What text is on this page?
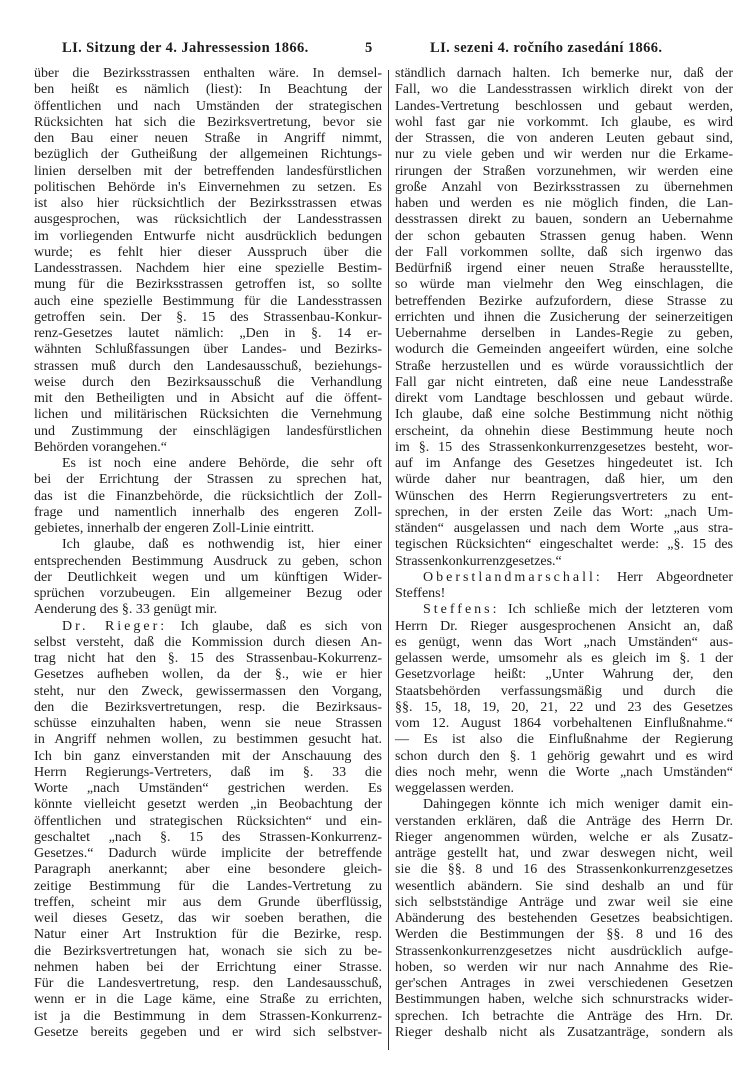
LI. Sitzung der 4. Jahressession 1866.	5	LI. sezeni 4. ročního zasedání 1866.
über die Bezirksstrassen enthalten wäre. In demsel-
ben heißt es nämlich (liest): In Beachtung der
öffentlichen und nach Umständen der strategischen
Rücksichten hat sich die Bezirksvertretung, bevor sie
den Bau einer neuen Straße in Angriff nimmt,
bezüglich der Gutheißung der allgemeinen Richtungs-
linien derselben mit der betreffenden landesfürstlichen
politischen Behörde in's Einvernehmen zu setzen. Es
ist also hier rücksichtlich der Bezirksstrassen etwas
ausgesprochen, was rücksichtlich der Landesstrassen
im vorliegenden Entwurfe nicht ausdrücklich bedungen
wurde; es fehlt hier dieser Ausspruch über die
Landesstrassen. Nachdem hier eine spezielle Bestim-
mung für die Bezirksstrassen getroffen ist, so sollte
auch eine spezielle Bestimmung für die Landesstrassen
getroffen sein. Der §. 15 des Strassenbau-Konkur-
renz-Gesetzes lautet nämlich: „Den in §. 14 er-
wähnten Schlußfassungen über Landes- und Bezirks-
strassen muß durch den Landesausschuß, beziehungs-
weise durch den Bezirksausschuß die Verhandlung
mit den Betheiligten und in Absicht auf die öffent-
lichen und militärischen Rücksichten die Vernehmung
und Zustimmung der einschlägigen landesfürstlichen
Behörden vorangehen.“
Es ist noch eine andere Behörde, die sehr oft
bei der Errichtung der Strassen zu sprechen hat,
das ist die Finanzbehörde, die rücksichtlich der Zoll-
frage und namentlich innerhalb des engeren Zoll-
gebietes, innerhalb der engeren Zoll-Linie eintritt.
Ich glaube, daß es nothwendig ist, hier einer
entsprechenden Bestimmung Ausdruck zu geben, schon
der Deutlichkeit wegen und um künftigen Wider-
sprüchen vorzubeugen. Ein allgemeiner Bezug oder
Aenderung des §. 33 genügt mir.
Dr. Rieger: Ich glaube, daß es sich von
selbst versteht, daß die Kommission durch diesen An-
trag nicht hat den §. 15 des Strassenbau-Kokurrenz-
Gesetzes aufheben wollen, da der §., wie er hier
steht, nur den Zweck, gewissermassen den Vorgang,
den die Bezirksvertretungen, resp. die Bezirksaus-
schüsse einzuhalten haben, wenn sie neue Strassen
in Angriff nehmen wollen, zu bestimmen gesucht hat.
Ich bin ganz einverstanden mit der Anschauung des
Herrn Regierungs-Vertreters, daß im §. 33 die
Worte „nach Umständen“ gestrichen werden. Es
könnte vielleicht gesetzt werden „in Beobachtung der
öffentlichen und strategischen Rücksichten“ und ein-
geschaltet „nach §. 15 des Strassen-Konkurrenz-
Gesetzes.“ Dadurch würde implicite der betreffende
Paragraph anerkannt; aber eine besondere gleich-
zeitige Bestimmung für die Landes-Vertretung zu
treffen, scheint mir aus dem Grunde überflüssig,
weil dieses Gesetz, das wir soeben berathen, die
Natur einer Art Instruktion für die Bezirke, resp.
die Bezirksvertretungen hat, wonach sie sich zu be-
nehmen haben bei der Errichtung einer Strasse.
Für die Landesvertretung, resp. den Landesausschuß,
wenn er in die Lage käme, eine Straße zu errichten,
ist ja die Bestimmung in dem Strassen-Konkurrenz-
Gesetze bereits gegeben und er wird sich selbstver-
ständlich darnach halten. Ich bemerke nur, daß der
Fall, wo die Landesstrassen wirklich direkt von der
Landes-Vertretung beschlossen und gebaut werden,
wohl fast gar nie vorkommt. Ich glaube, es wird
der Strassen, die von anderen Leuten gebaut sind,
nur zu viele geben und wir werden nur die Erkame-
rirungen der Straßen vorzunehmen, wir werden eine
große Anzahl von Bezirksstrassen zu übernehmen
haben und werden es nie möglich finden, die Lan-
desstrassen direkt zu bauen, sondern an Uebernahme
der schon gebauten Strassen genug haben. Wenn
der Fall vorkommen sollte, daß sich irgenwo das
Bedürfniß irgend einer neuen Straße herausstellte,
so würde man vielmehr den Weg einschlagen, die
betreffenden Bezirke aufzufordern, diese Strasse zu
errichten und ihnen die Zusicherung der seinerzeitigen
Uebernahme derselben in Landes-Regie zu geben,
wodurch die Gemeinden angeeifert würden, eine solche
Straße herzustellen und es würde voraussichtlich der
Fall gar nicht eintreten, daß eine neue Landesstraße
direkt vom Landtage beschlossen und gebaut würde.
Ich glaube, daß eine solche Bestimmung nicht nöthig
erscheint, da ohnehin diese Bestimmung heute noch
im §. 15 des Strassenkonkurrenzgesetzes besteht, wor-
auf im Anfange des Gesetzes hingedeutet ist. Ich
würde daher nur beantragen, daß hier, um den
Wünschen des Herrn Regierungsvertreters zu ent-
sprechen, in der ersten Zeile das Wort: „nach Um-
ständen“ ausgelassen und nach dem Worte „aus stra-
tegischen Rücksichten“ eingeschaltet werde: „§. 15 des
Strassenkonkurrenzgesetzes.“
Oberstlandmarschall: Herr Abgeordneter
Steffens!
Steffens: Ich schließe mich der letzteren vom
Herrn Dr. Rieger ausgesprochenen Ansicht an, daß
es genügt, wenn das Wort „nach Umständen“ aus-
gelassen werde, umsomehr als es gleich im §. 1 der
Gesetzvorlage heißt: „Unter Wahrung der, den
Staatsbehörden verfassungsmäßig und durch die
§§. 15, 18, 19, 20, 21, 22 und 23 des Gesetzes
vom 12. August 1864 vorbehaltenen Einflußnahme.“
— Es ist also die Einflußnahme der Regierung
schon durch den §. 1 gehörig gewahrt und es wird
dies noch mehr, wenn die Worte „nach Umständen“
weggelassen werden.
Dahingegen könnte ich mich weniger damit ein-
verstanden erklären, daß die Anträge des Herrn Dr.
Rieger angenommen würden, welche er als Zusatz-
anträge gestellt hat, und zwar deswegen nicht, weil
sie die §§. 8 und 16 des Strassenkonkurrenzgesetzes
wesentlich abändern. Sie sind deshalb an und für
sich selbstständige Anträge und zwar weil sie eine
Abänderung des bestehenden Gesetzes beabsichtigen.
Werden die Bestimmungen der §§. 8 und 16 des
Strassenkonkurrenzgesetzes nicht ausdrücklich aufge-
hoben, so werden wir nur nach Annahme des Rie-
ger'schen Antrages in zwei verschiedenen Gesetzen
Bestimmungen haben, welche sich schnurstracks wider-
sprechen. Ich betrachte die Anträge des Hrn. Dr.
Rieger deshalb nicht als Zusatzanträge, sondern als
